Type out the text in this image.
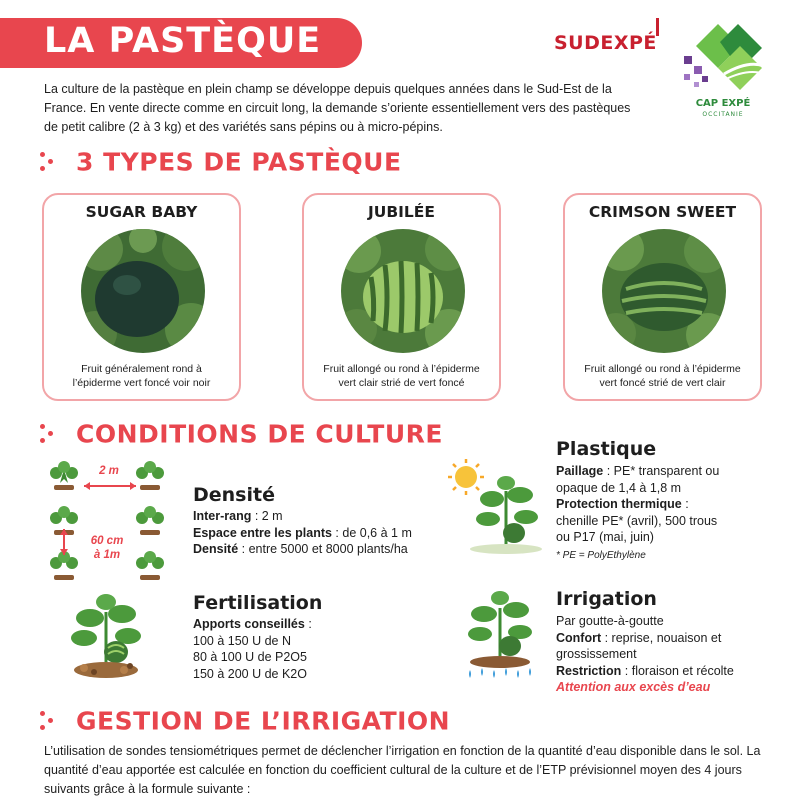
LA PASTÈQUE	SUDEXPÉ
CAP EXPÉ
OCCITANIE

La culture de la pastèque en plein champ se développe depuis quelques années dans le Sud-Est de la France. En vente directe comme en circuit long, la demande s’oriente essentiellement vers des pastèques de petit calibre (2 à 3 kg) et des variétés sans pépins ou à micro-pépins.

3 TYPES DE PASTÈQUE
SUGAR BABY
Fruit généralement rond à
l’épiderme vert foncé voir noir
JUBILÉE
Fruit allongé ou rond à l’épiderme
vert clair strié de vert foncé
CRIMSON SWEET
Fruit allongé ou rond à l’épiderme
vert foncé strié de vert clair
CONDITIONS DE CULTURE
2 m
60 cm
à 1m
Densité
Inter-rang : 2 m
Espace entre les plants : de 0,6 à 1 m
Densité : entre 5000 et 8000 plants/ha
Fertilisation
Apports conseillés :
100 à 150 U de N
80 à 100 U de P2O5
150 à 200 U de K2O
Plastique
Paillage : PE* transparent ou
opaque de 1,4 à 1,8 m
Protection thermique :
chenille PE* (avril), 500 trous
ou P17 (mai, juin)
* PE = PolyEthylène
Irrigation
Par goutte-à-goutte
Confort : reprise, nouaison et
grossissement
Restriction : floraison et récolte
Attention aux excès d’eau
GESTION DE L’IRRIGATION

L’utilisation de sondes tensiométriques permet de déclencher l’irrigation en fonction de la quantité d’eau disponible dans le sol. La quantité d’eau apportée est calculée en fonction du coefficient cultural de la culture et de l’ETP prévisionnel moyen des 4 jours suivants grâce à la formule suivante :
